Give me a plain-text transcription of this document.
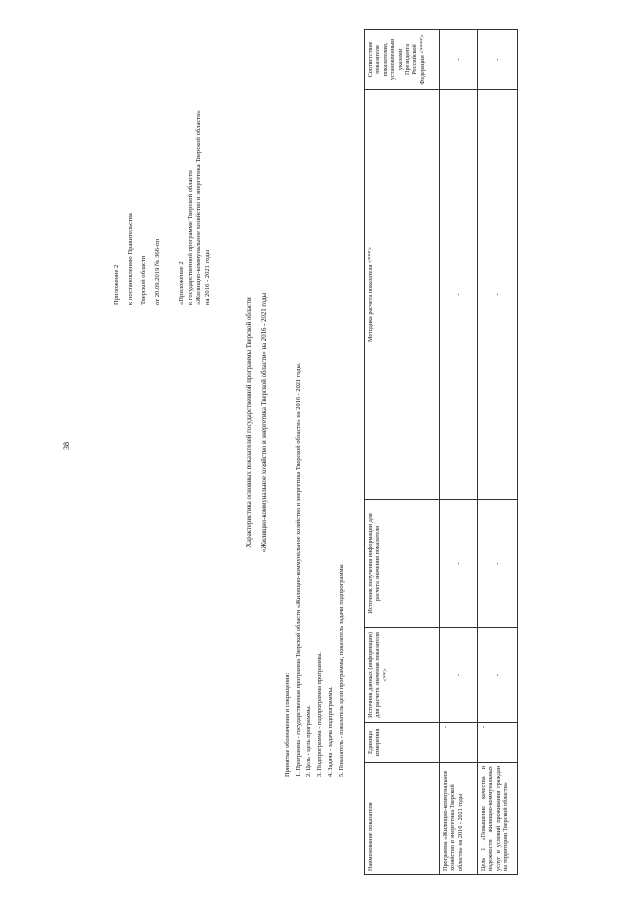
38
Приложение 2 к постановлению Правительства Тверской области от 20.09.2019 № 366-пп	«Приложение 2 к государственной программе Тверской области «Жилищно-коммунальное хозяйство и энергетика Тверской области» на 2016 - 2021 годы
Характеристика основных показателей государственной программы Тверской области «Жилищно-коммунальное хозяйство и энергетика Тверской области» на 2016 - 2021 годы
Принятые обозначения и сокращения: 1. Программа - государственная программа Тверской области «Жилищно-коммунальное хозяйство и энергетика Тверской области» на 2016 - 2021 годы. 2. Цель - цель программы. 3. Подпрограмма - подпрограмма программы. 4. Задача - задача подпрограммы. 5. Показатель - показатель цели программы, показатель задачи подпрограммы
Наименование показателя	Единица измерения	Источник данных (информации) для расчета значения показателя <**>	Источник получения информации для расчета значения показателя	Методика расчета показателя <***>	Соответствие показателя показателям, установленным указами Президента Российской Федерации <****>
Программа «Жилищно-коммунальное хозяйство и энергетика Тверской области» на 2016 - 2021 годы	-	-	-	-	-
Цель 1 «Повышение качества и надежности жилищно-коммунальных услуг и условий проживания граждан на территории Тверской области»	-	-	-	-	-
